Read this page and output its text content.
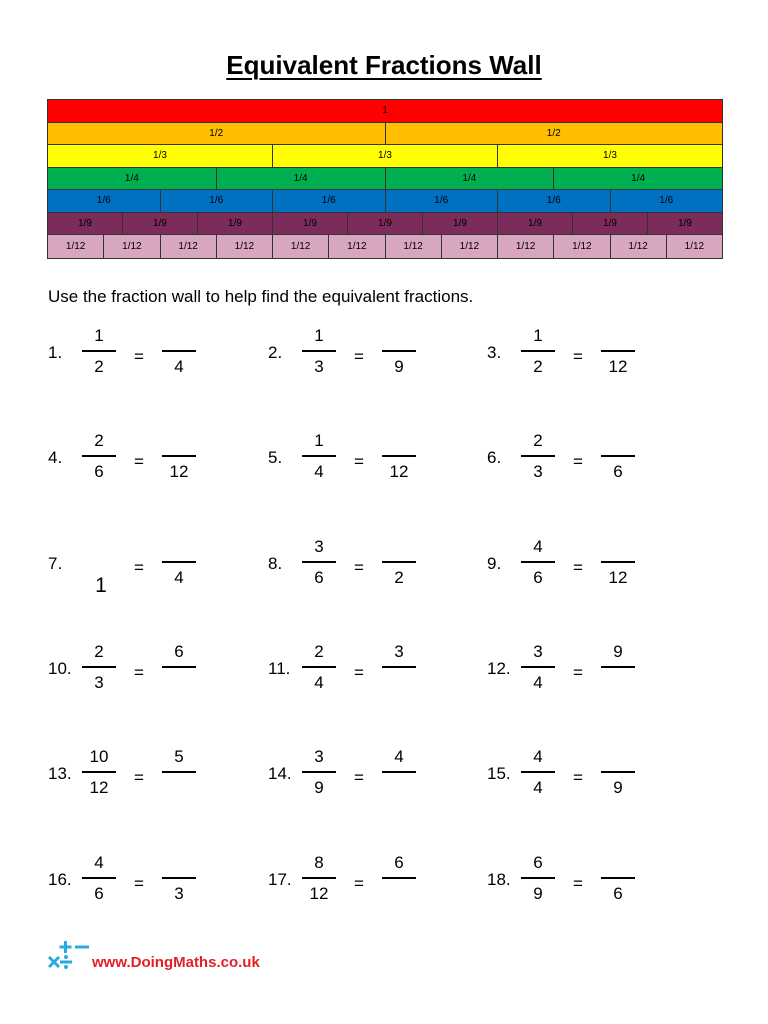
Equivalent Fractions Wall
1
1/2	1/2
1/3	1/3	1/3
1/4	1/4	1/4	1/4
1/6	1/6	1/6	1/6	1/6	1/6
1/9	1/9	1/9	1/9	1/9	1/9	1/9	1/9	1/9
1/12	1/12	1/12	1/12	1/12	1/12	1/12	1/12	1/12	1/12	1/12	1/12
Use the fraction wall to help find the equivalent fractions.
1.
1
2
=
4
2.
1
3
=
9
3.
1
2
=
12
4.
2
6
=
12
5.
1
4
=
12
6.
2
3
=
6
7.
1
=
4
8.
3
6
=
2
9.
4
6
=
12
10.
2
3
=
6
11.
2
4
=
3
12.
3
4
=
9
13.
10
12
=
5
14.
3
9
=
4
15.
4
4
=
9
16.
4
6
=
3
17.
8
12
=
6
18.
6
9
=
6
www.DoingMaths.co.uk
